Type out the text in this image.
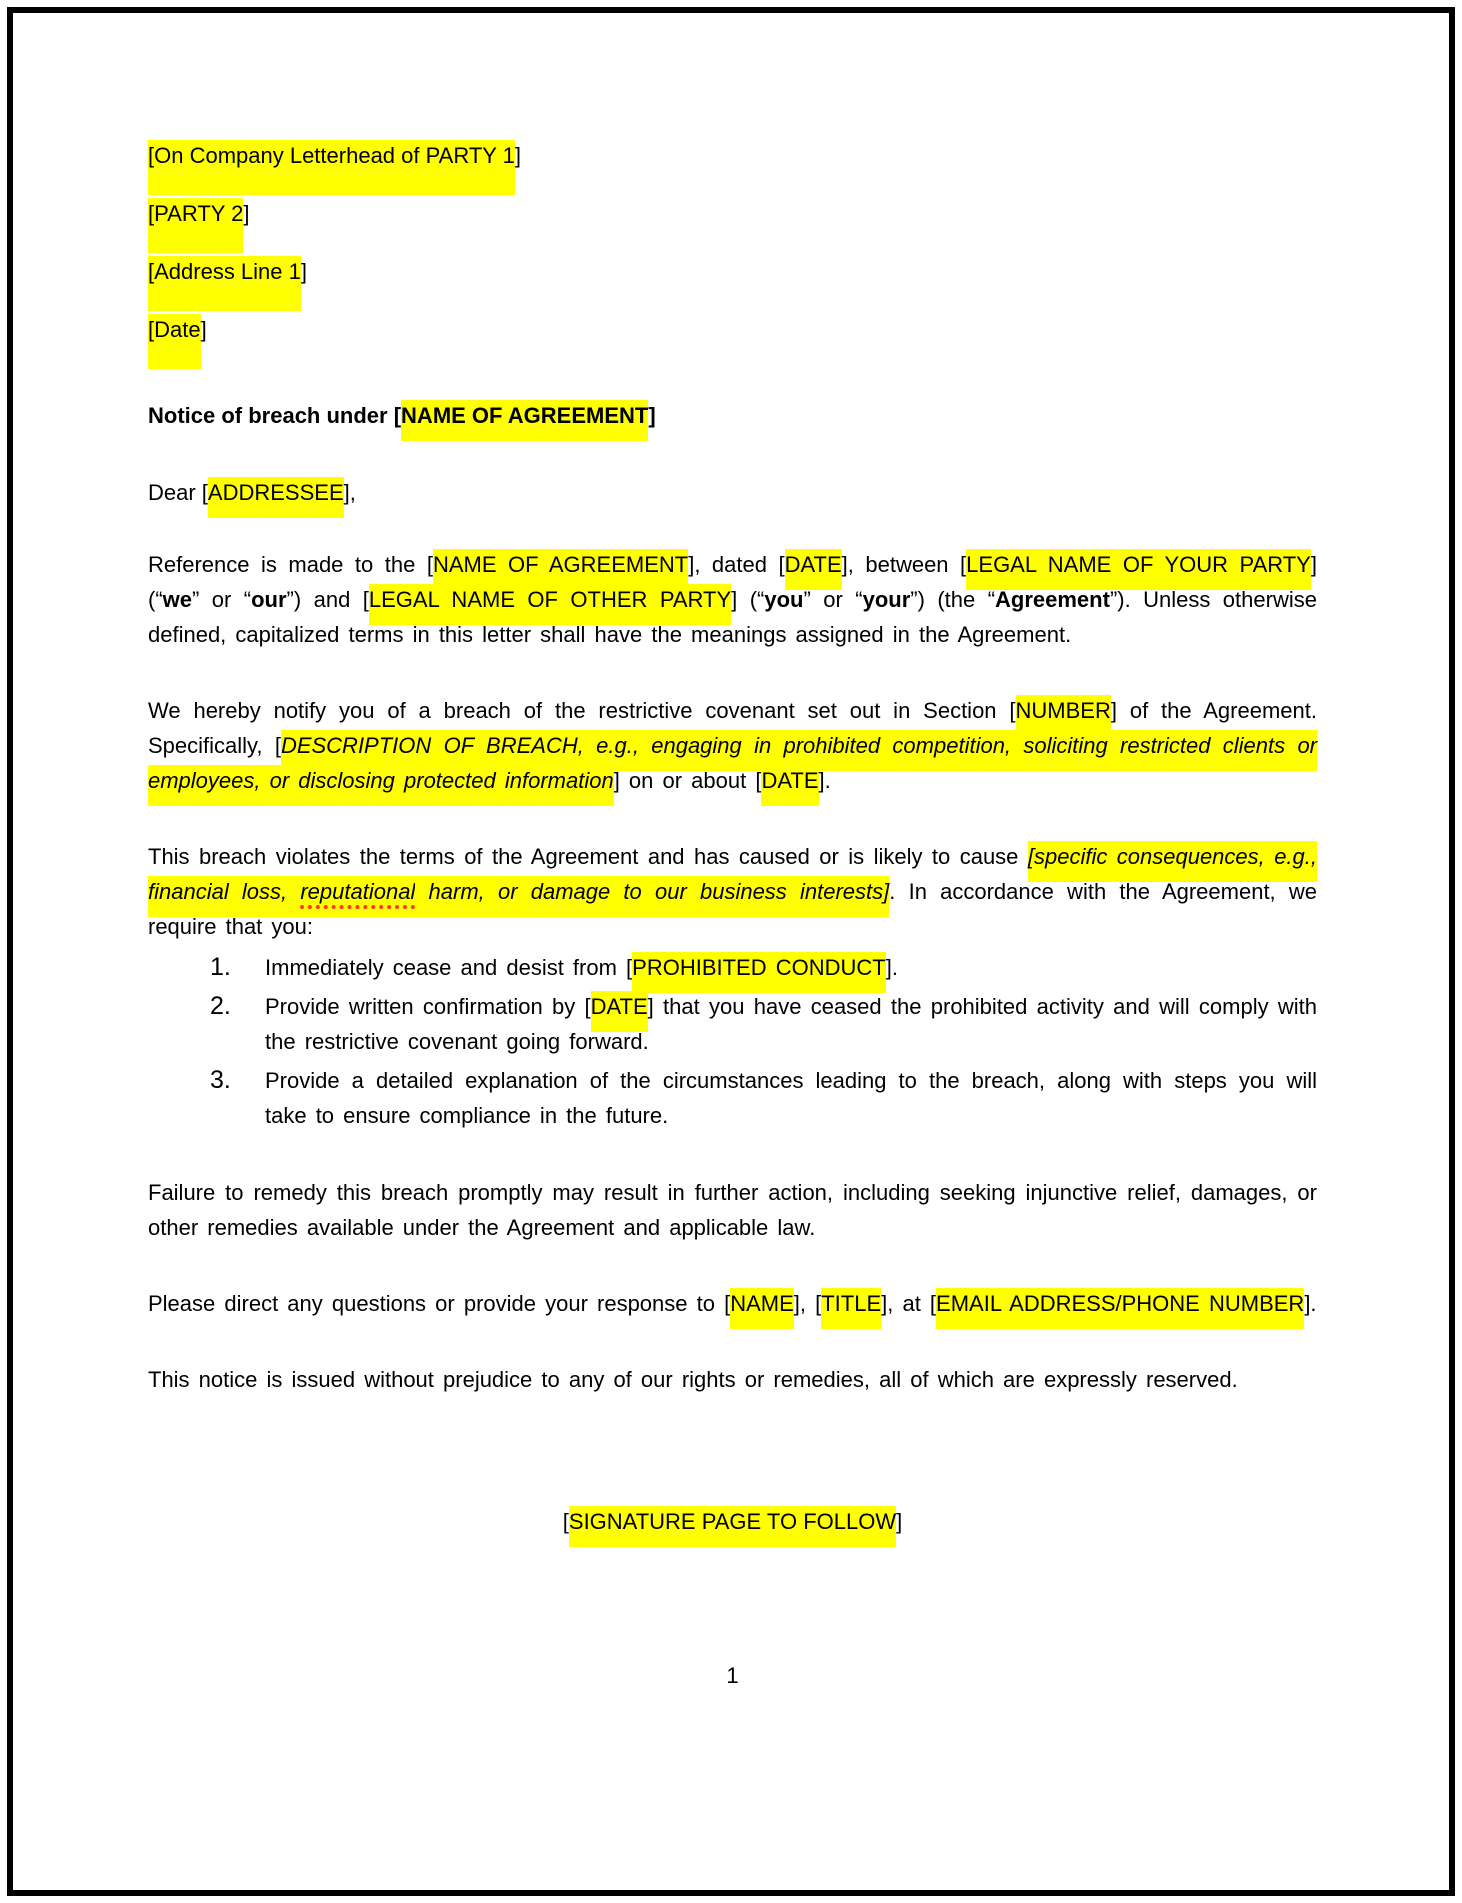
[On Company Letterhead of PARTY 1]

[PARTY 2]

[Address Line 1]

[Date]

Notice of breach under [NAME OF AGREEMENT]

Dear [ADDRESSEE],

Reference is made to the [NAME OF AGREEMENT], dated [DATE], between [LEGAL NAME OF YOUR PARTY] (“we” or “our”) and [LEGAL NAME OF OTHER PARTY] (“you” or “your”) (the “Agreement”). Unless otherwise defined, capitalized terms in this letter shall have the meanings assigned in the Agreement.

We hereby notify you of a breach of the restrictive covenant set out in Section [NUMBER] of the Agreement. Specifically, [DESCRIPTION OF BREACH, e.g., engaging in prohibited competition, soliciting restricted clients or employees, or disclosing protected information] on or about [DATE].

This breach violates the terms of the Agreement and has caused or is likely to cause [specific consequences, e.g., financial loss, reputational harm, or damage to our business interests]. In accordance with the Agreement, we require that you:

1.	Immediately cease and desist from [PROHIBITED CONDUCT].
2.	Provide written confirmation by [DATE] that you have ceased the prohibited activity and will comply with the restrictive covenant going forward.
3.	Provide a detailed explanation of the circumstances leading to the breach, along with steps you will take to ensure compliance in the future.

Failure to remedy this breach promptly may result in further action, including seeking injunctive relief, damages, or other remedies available under the Agreement and applicable law.

Please direct any questions or provide your response to [NAME], [TITLE], at [EMAIL ADDRESS/PHONE NUMBER].

This notice is issued without prejudice to any of our rights or remedies, all of which are expressly reserved.

[SIGNATURE PAGE TO FOLLOW]

1
